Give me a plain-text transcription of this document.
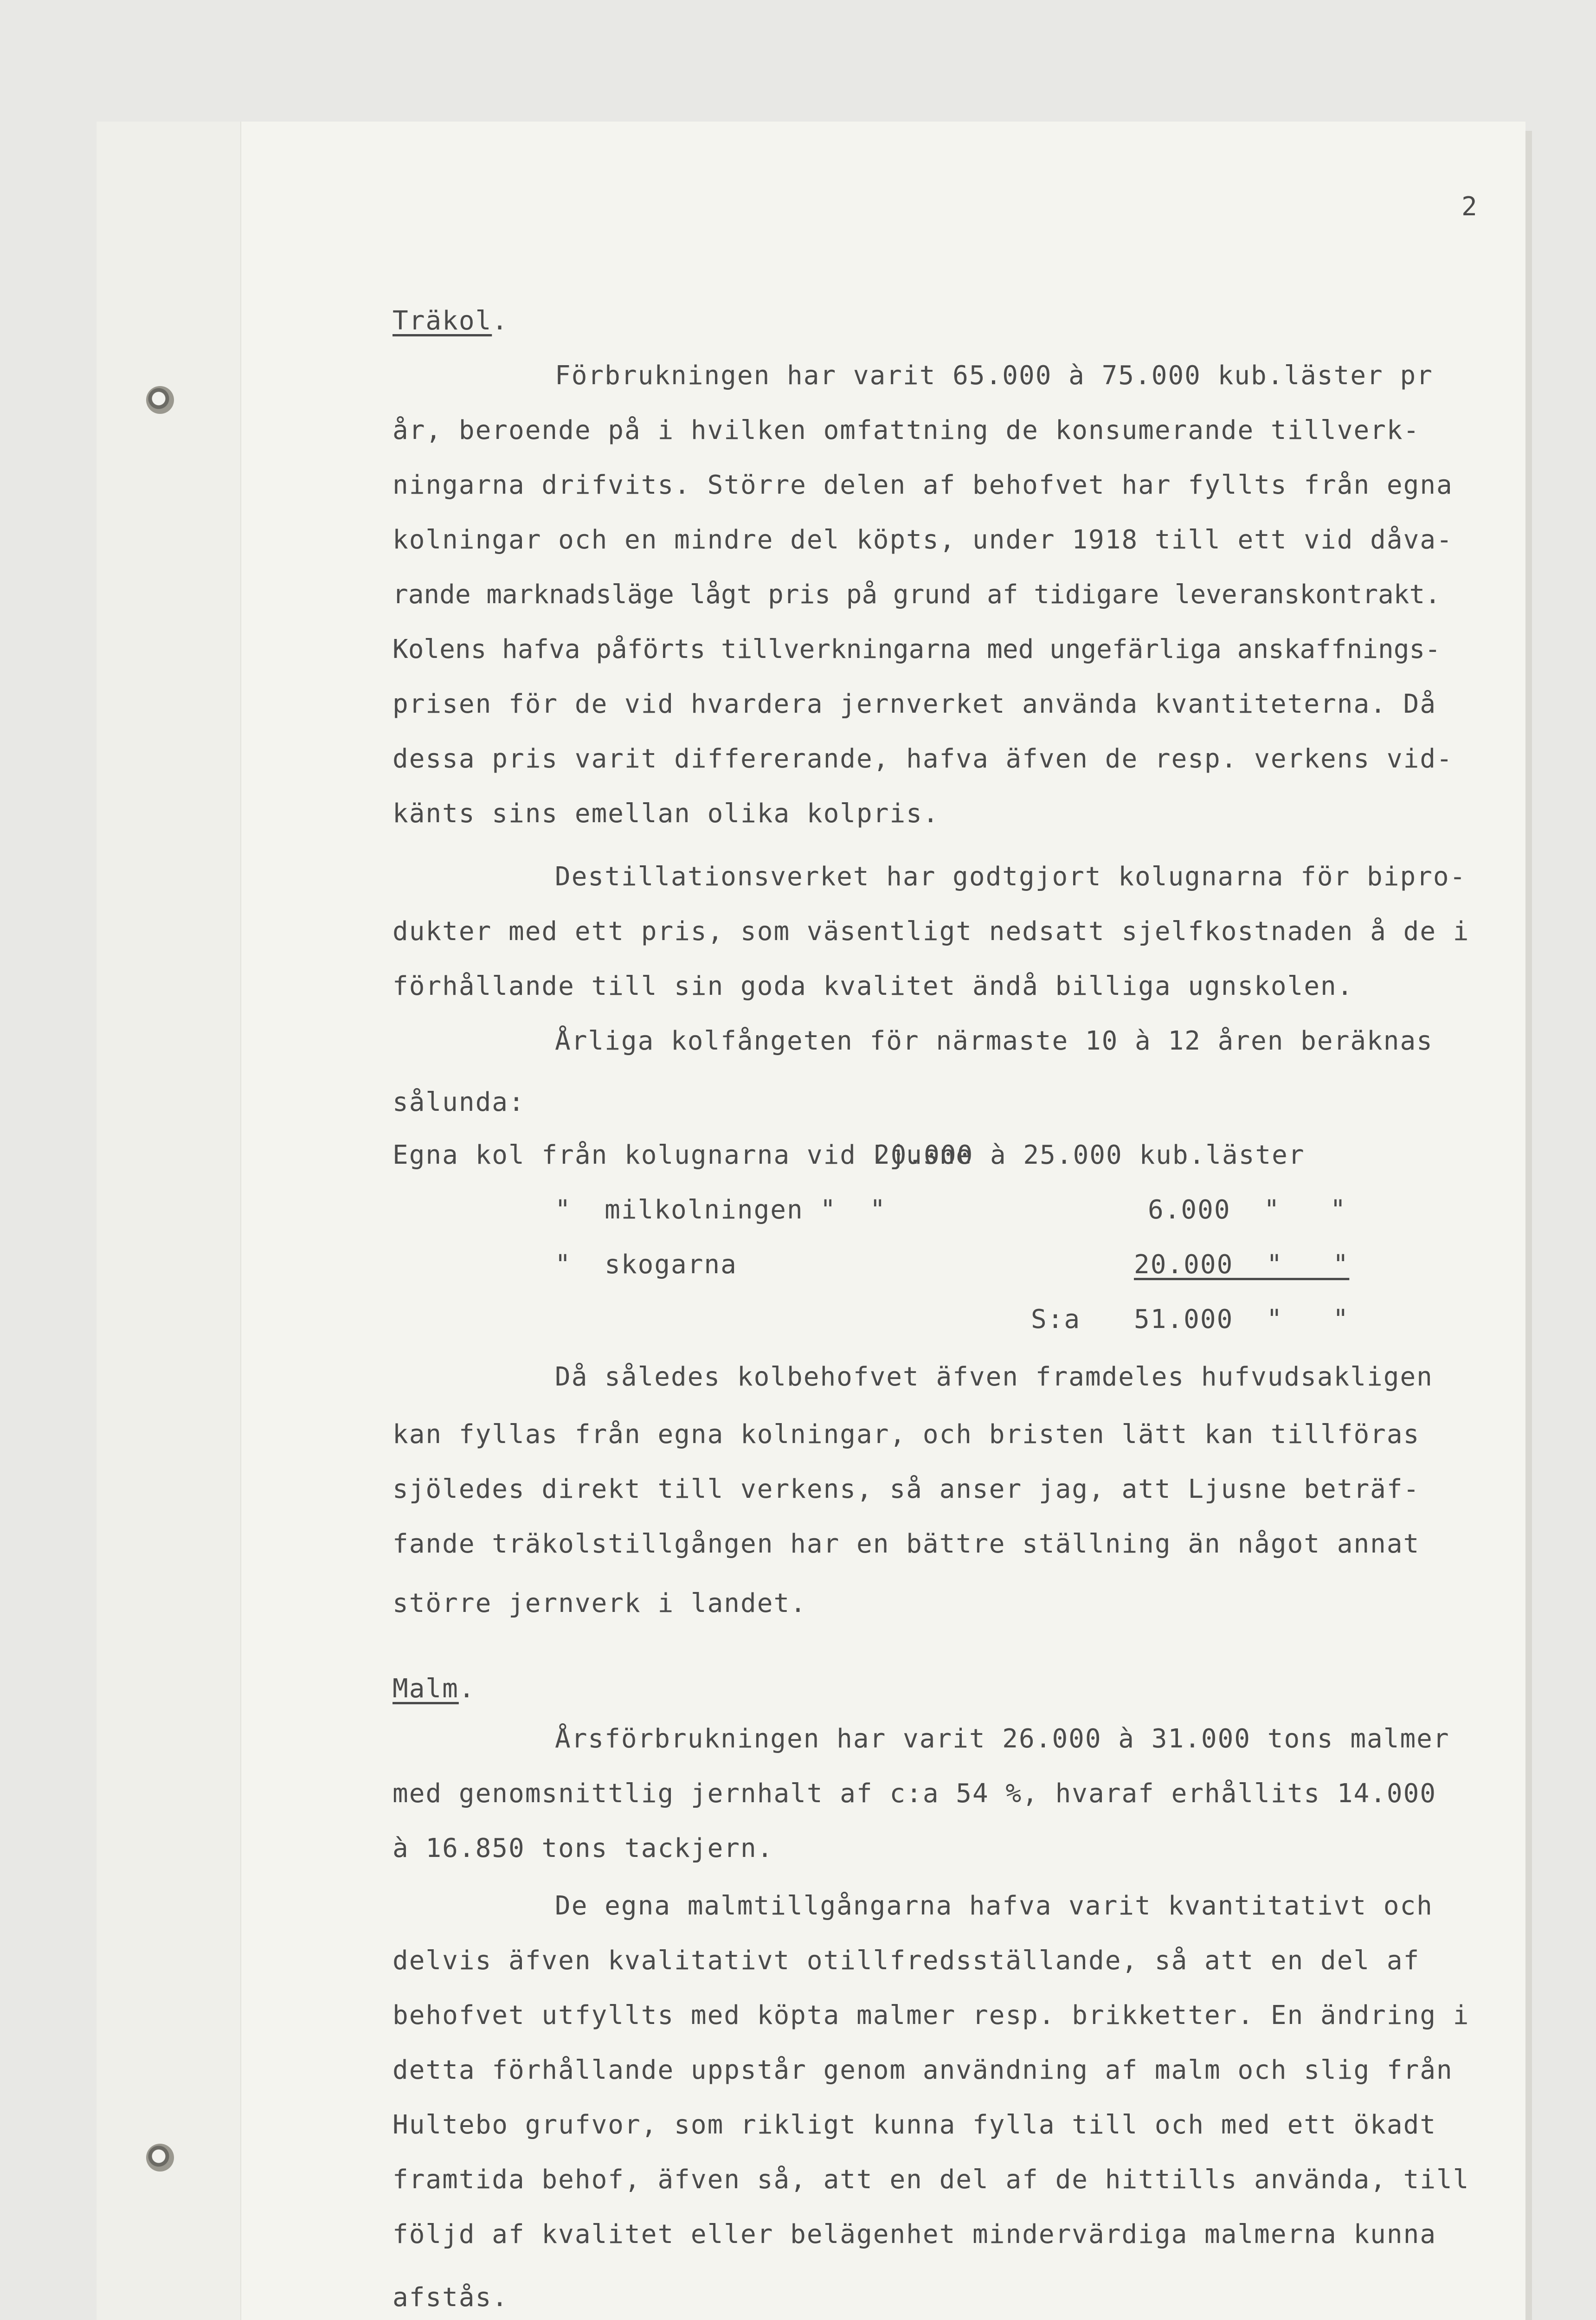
2
Träkol.
Förbrukningen har varit 65.000 à 75.000 kub.läster pr
år, beroende på i hvilken omfattning de konsumerande tillverk-
ningarna drifvits. Större delen af behofvet har fyllts från egna
kolningar och en mindre del köpts, under 1918 till ett vid dåva-
rande marknadsläge lågt pris på grund af tidigare leveranskontrakt.
Kolens hafva påförts tillverkningarna med ungefärliga anskaffnings-
prisen för de vid hvardera jernverket använda kvantiteterna. Då
dessa pris varit differerande, hafva äfven de resp. verkens vid-
känts sins emellan olika kolpris.
Destillationsverket har godtgjort kolugnarna för bipro-
dukter med ett pris, som väsentligt nedsatt sjelfkostnaden å de i
förhållande till sin goda kvalitet ändå billiga ugnskolen.
Årliga kolfångeten för närmaste 10 à 12 åren beräknas
sålunda:
Egna kol från kolugnarna vid Ljusne
20.000 à 25.000 kub.läster
"  milkolningen "  "	6.000  "   "
"  skogarna	20.000  "   "
S:a 51.000  "   "
Då således kolbehofvet äfven framdeles hufvudsakligen
kan fyllas från egna kolningar, och bristen lätt kan tillföras
sjöledes direkt till verkens, så anser jag, att Ljusne beträf-
fande träkolstillgången har en bättre ställning än något annat
större jernverk i landet.
Malm.
Årsförbrukningen har varit 26.000 à 31.000 tons malmer
med genomsnittlig jernhalt af c:a 54 %, hvaraf erhållits 14.000
à 16.850 tons tackjern.
De egna malmtillgångarna hafva varit kvantitativt och
delvis äfven kvalitativt otillfredsställande, så att en del af
behofvet utfyllts med köpta malmer resp. brikketter. En ändring i
detta förhållande uppstår genom användning af malm och slig från
Hultebo grufvor, som rikligt kunna fylla till och med ett ökadt
framtida behof, äfven så, att en del af de hittills använda, till
följd af kvalitet eller belägenhet mindervärdiga malmerna kunna
afstås.
